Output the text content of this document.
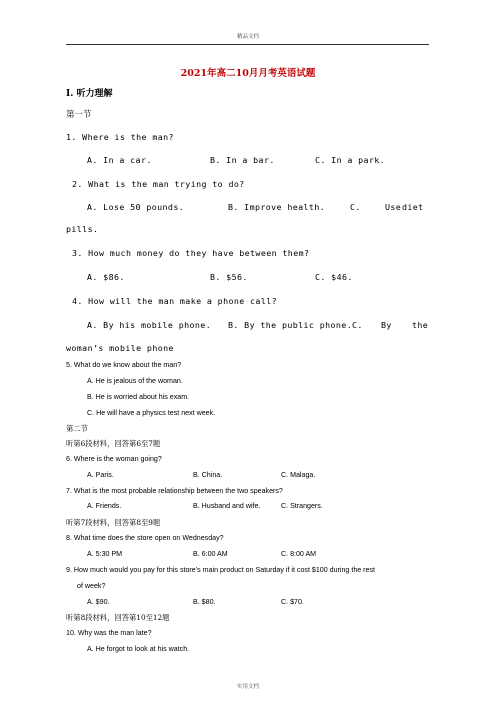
精品文档
2021年高二10月月考英语试题
I. 听力理解
第一节
1. Where is the man?
A. In a car.	B. In a bar.	C. In a park.
2. What is the man trying to do?
A. Lose 50 pounds.	B. Improve health.	C.	Use diet
pills.
3. How much money do they have between them?
A. $86.	B. $56.	C. $46.
4. How will the man make a phone call?
A. By his mobile phone. B. By the public phone. C. By the
woman’s mobile phone
5. What do we know about the man?
A. He is jealous of the woman.
B. He is worried about his exam.
C. He will have a physics test next week.
第二节
听第6段材料，回答第6至7题
6. Where is the woman going?
A. Paris.	B. China.	C. Malaga.
7. What is the most probable relationship between the two speakers?
A. Friends.	B. Husband and wife.	C. Strangers.
听第7段材料，回答第8至9题
8. What time does the store open on Wednesday?
A. 5:30 PM	B. 6:00 AM	C. 8:00 AM
9. How much would you pay for this store’s main product on Saturday if it cost $100 during the rest
of week?
A. $90.	B. $80.	C. $70.
听第8段材料，回答第10至12题
10. Why was the man late?
A. He forgot to look at his watch.
实用文档
